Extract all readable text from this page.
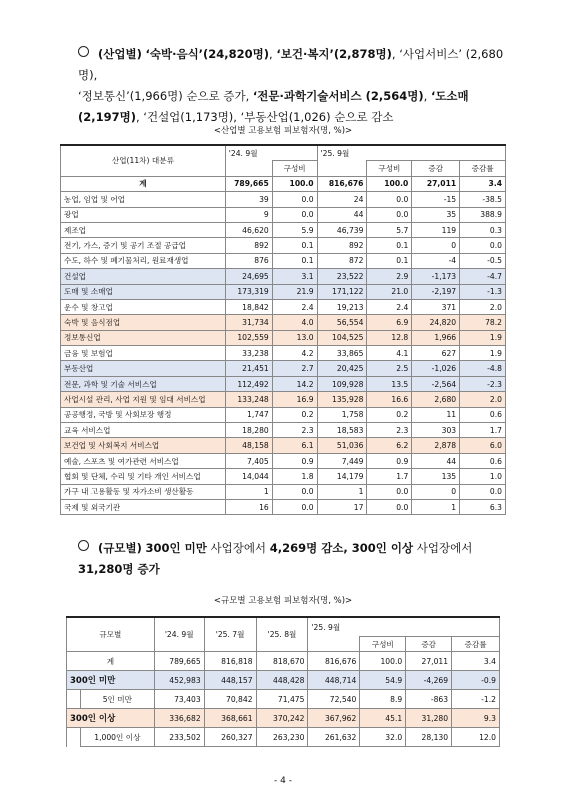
(산업별) ‘숙박·음식’(24,820명), ‘보건·복지’(2,878명), ‘사업서비스’ (2,680명),

‘정보통신’(1,966명) 순으로 증가, ‘전문·과학기술서비스 (2,564명), ‘도소매

(2,197명), ‘건설업(1,173명), ‘부동산업(1,026) 순으로 감소

<산업별 고용보험 피보험자(명, %)>
산업(11차) 대분류	'24. 9월		'25. 9월			
		구성비		구성비	증감	증감률
계	789,665	100.0	816,676	100.0	27,011	3.4
농업, 임업 및 어업	39	0.0	24	0.0	-15	-38.5
광업	9	0.0	44	0.0	35	388.9
제조업	46,620	5.9	46,739	5.7	119	0.3
전기, 가스, 증기 및 공기 조절 공급업	892	0.1	892	0.1	0	0.0
수도, 하수 및 폐기물처리, 원료재생업	876	0.1	872	0.1	-4	-0.5
건설업	24,695	3.1	23,522	2.9	-1,173	-4.7
도매 및 소매업	173,319	21.9	171,122	21.0	-2,197	-1.3
운수 및 창고업	18,842	2.4	19,213	2.4	371	2.0
숙박 및 음식점업	31,734	4.0	56,554	6.9	24,820	78.2
정보통신업	102,559	13.0	104,525	12.8	1,966	1.9
금융 및 보험업	33,238	4.2	33,865	4.1	627	1.9
부동산업	21,451	2.7	20,425	2.5	-1,026	-4.8
전문, 과학 및 기술 서비스업	112,492	14.2	109,928	13.5	-2,564	-2.3
사업시설 관리, 사업 지원 및 임대 서비스업	133,248	16.9	135,928	16.6	2,680	2.0
공공행정, 국방 및 사회보장 행정	1,747	0.2	1,758	0.2	11	0.6
교육 서비스업	18,280	2.3	18,583	2.3	303	1.7
보건업 및 사회복지 서비스업	48,158	6.1	51,036	6.2	2,878	6.0
예술, 스포츠 및 여가관련 서비스업	7,405	0.9	7,449	0.9	44	0.6
협회 및 단체, 수리 및 기타 개인 서비스업	14,044	1.8	14,179	1.7	135	1.0
가구 내 고용활동 및 자가소비 생산활동	1	0.0	1	0.0	0	0.0
국제 및 외국기관	16	0.0	17	0.0	1	6.3

(규모별) 300인 미만 사업장에서 4,269명 감소, 300인 이상 사업장에서

31,280명 증가

<규모별 고용보험 피보험자(명, %)>
규모별		'24. 9월	'25. 7월	'25. 8월	'25. 9월			
						구성비	증감	증감률
계		789,665	816,818	818,670	816,676	100.0	27,011	3.4
300인 미만		452,983	448,157	448,428	448,714	54.9	-4,269	-0.9
	5인 미만	73,403	70,842	71,475	72,540	8.9	-863	-1.2
300인 이상		336,682	368,661	370,242	367,962	45.1	31,280	9.3
	1,000인 이상	233,502	260,327	263,230	261,632	32.0	28,130	12.0
- 4 -
